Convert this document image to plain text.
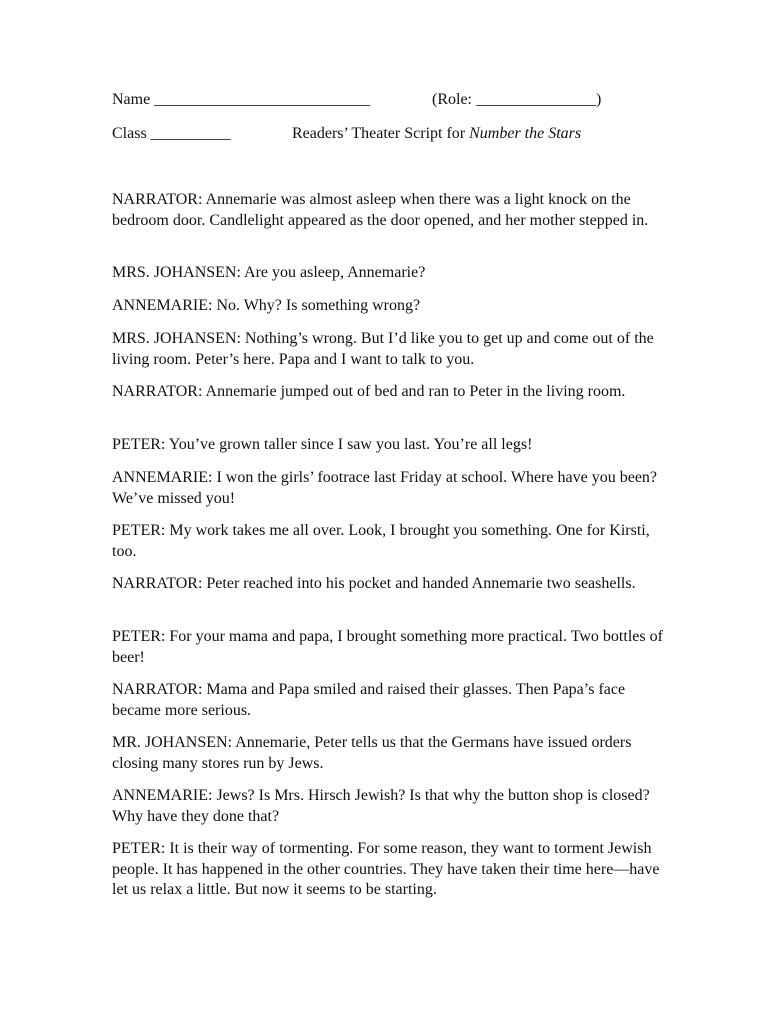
Name ___________________________	(Role: _______________)
Class __________	Readers’ Theater Script for Number the Stars

NARRATOR: Annemarie was almost asleep when there was a light knock on the bedroom door. Candlelight appeared as the door opened, and her mother stepped in.

MRS. JOHANSEN: Are you asleep, Annemarie?

ANNEMARIE: No. Why? Is something wrong?

MRS. JOHANSEN: Nothing’s wrong. But I’d like you to get up and come out of the living room. Peter’s here. Papa and I want to talk to you.

NARRATOR: Annemarie jumped out of bed and ran to Peter in the living room.

PETER: You’ve grown taller since I saw you last. You’re all legs!

ANNEMARIE: I won the girls’ footrace last Friday at school. Where have you been? We’ve missed you!

PETER: My work takes me all over. Look, I brought you something. One for Kirsti, too.

NARRATOR: Peter reached into his pocket and handed Annemarie two seashells.

PETER: For your mama and papa, I brought something more practical. Two bottles of beer!

NARRATOR: Mama and Papa smiled and raised their glasses. Then Papa’s face became more serious.

MR. JOHANSEN: Annemarie, Peter tells us that the Germans have issued orders closing many stores run by Jews.

ANNEMARIE: Jews? Is Mrs. Hirsch Jewish? Is that why the button shop is closed? Why have they done that?

PETER: It is their way of tormenting. For some reason, they want to torment Jewish people. It has happened in the other countries. They have taken their time here—have let us relax a little. But now it seems to be starting.
